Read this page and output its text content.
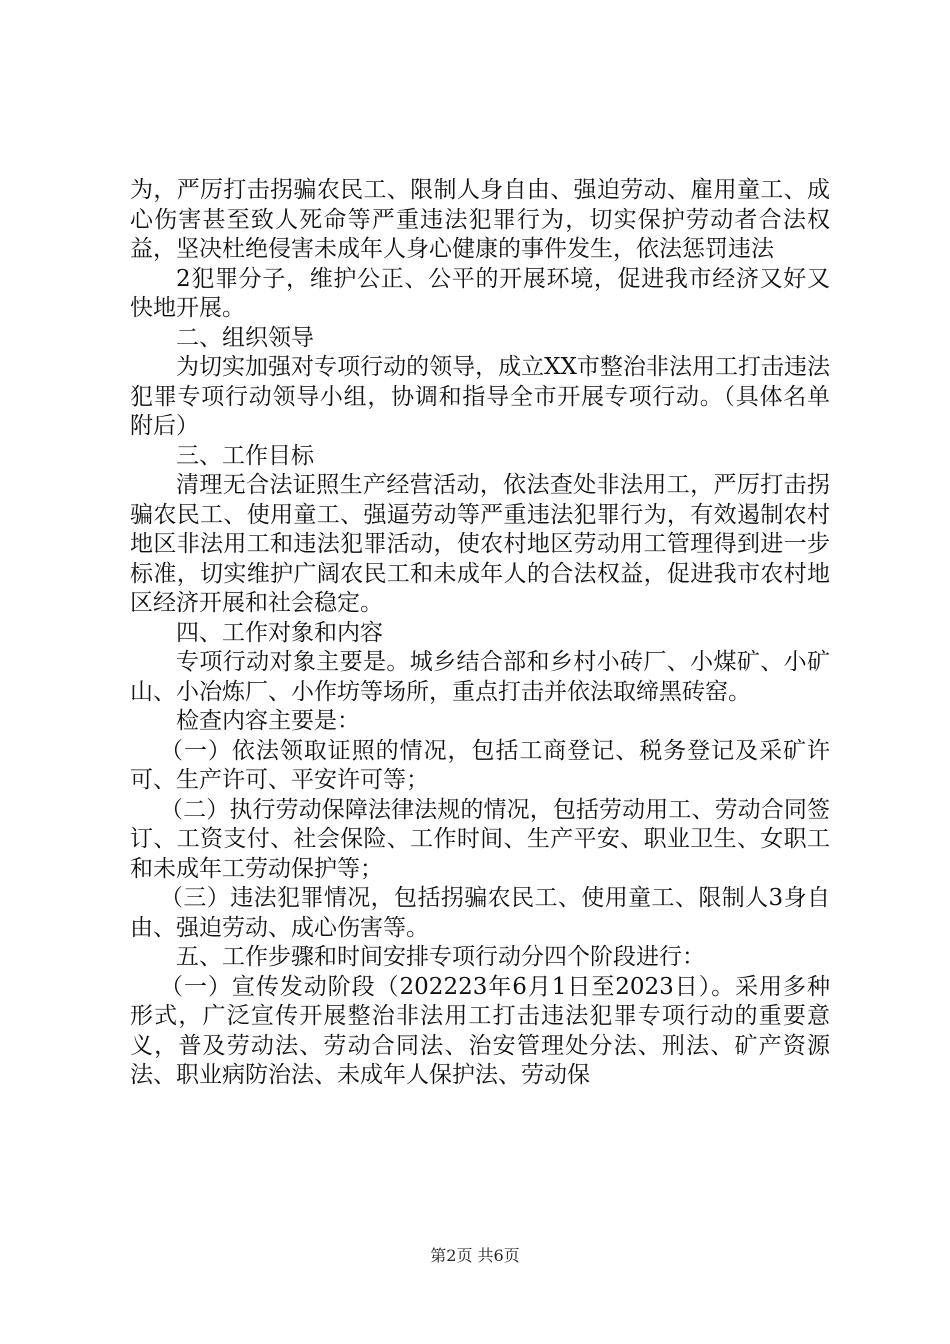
为，严厉打击拐骗农民工、限制人身自由、强迫劳动、雇用童工、成心伤害甚至致人死命等严重违法犯罪行为，切实保护劳动者合法权益，坚决杜绝侵害未成年人身心健康的事件发生，依法惩罚违法

2犯罪分子，维护公正、公平的开展环境，促进我市经济又好又快地开展。

二、组织领导

为切实加强对专项行动的领导，成立XX市整治非法用工打击违法犯罪专项行动领导小组，协调和指导全市开展专项行动。（具体名单附后）

三、工作目标

清理无合法证照生产经营活动，依法查处非法用工，严厉打击拐骗农民工、使用童工、强逼劳动等严重违法犯罪行为，有效遏制农村地区非法用工和违法犯罪活动，使农村地区劳动用工管理得到进一步标准，切实维护广阔农民工和未成年人的合法权益，促进我市农村地区经济开展和社会稳定。

四、工作对象和内容

专项行动对象主要是。城乡结合部和乡村小砖厂、小煤矿、小矿山、小冶炼厂、小作坊等场所，重点打击并依法取缔黑砖窑。

检查内容主要是：

（一）依法领取证照的情况，包括工商登记、税务登记及采矿许可、生产许可、平安许可等；

（二）执行劳动保障法律法规的情况，包括劳动用工、劳动合同签订、工资支付、社会保险、工作时间、生产平安、职业卫生、女职工和未成年工劳动保护等；

（三）违法犯罪情况，包括拐骗农民工、使用童工、限制人3身自由、强迫劳动、成心伤害等。

五、工作步骤和时间安排专项行动分四个阶段进行：

（一）宣传发动阶段（202223年6月1日至2023日）。采用多种形式，广泛宣传开展整治非法用工打击违法犯罪专项行动的重要意义，普及劳动法、劳动合同法、治安管理处分法、刑法、矿产资源法、职业病防治法、未成年人保护法、劳动保

第2页 共6页
